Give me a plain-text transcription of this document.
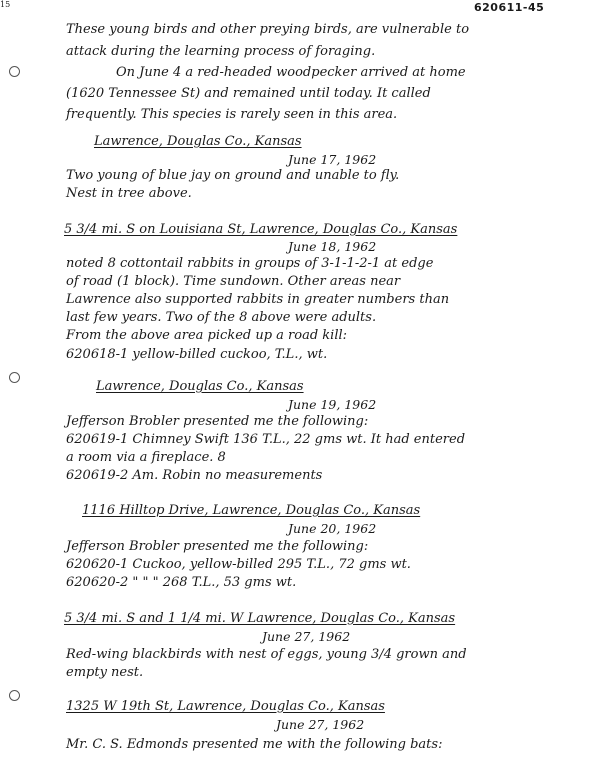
15	620611-45
These young birds and other preying birds, are vulnerable to
attack during the learning process of foraging.
On June 4 a red-headed woodpecker arrived at home
(1620 Tennessee St) and remained until today. It called
frequently. This species is rarely seen in this area.
Lawrence, Douglas Co., Kansas
June 17, 1962
Two young of blue jay on ground and unable to fly.
Nest in tree above.
5 3/4 mi. S on Louisiana St, Lawrence, Douglas Co., Kansas
June 18, 1962
noted 8 cottontail rabbits in groups of 3-1-1-2-1 at edge
of road (1 block). Time sundown. Other areas near
Lawrence also supported rabbits in greater numbers than
last few years. Two of the 8 above were adults.
From the above area picked up a road kill:
620618-1 yellow-billed cuckoo, T.L., wt.
Lawrence, Douglas Co., Kansas
June 19, 1962
Jefferson Brobler presented me the following:
620619-1 Chimney Swift 136 T.L., 22 gms wt. It had entered
a room via a fireplace. 8
620619-2 Am. Robin no measurements
1116 Hilltop Drive, Lawrence, Douglas Co., Kansas
June 20, 1962
Jefferson Brobler presented me the following:
620620-1 Cuckoo, yellow-billed 295 T.L., 72 gms wt.
620620-2 " " " 268 T.L., 53 gms wt.
5 3/4 mi. S and 1 1/4 mi. W Lawrence, Douglas Co., Kansas
June 27, 1962
Red-wing blackbirds with nest of eggs, young 3/4 grown and
empty nest.
1325 W 19th St, Lawrence, Douglas Co., Kansas
June 27, 1962
Mr. C. S. Edmonds presented me with the following bats:
